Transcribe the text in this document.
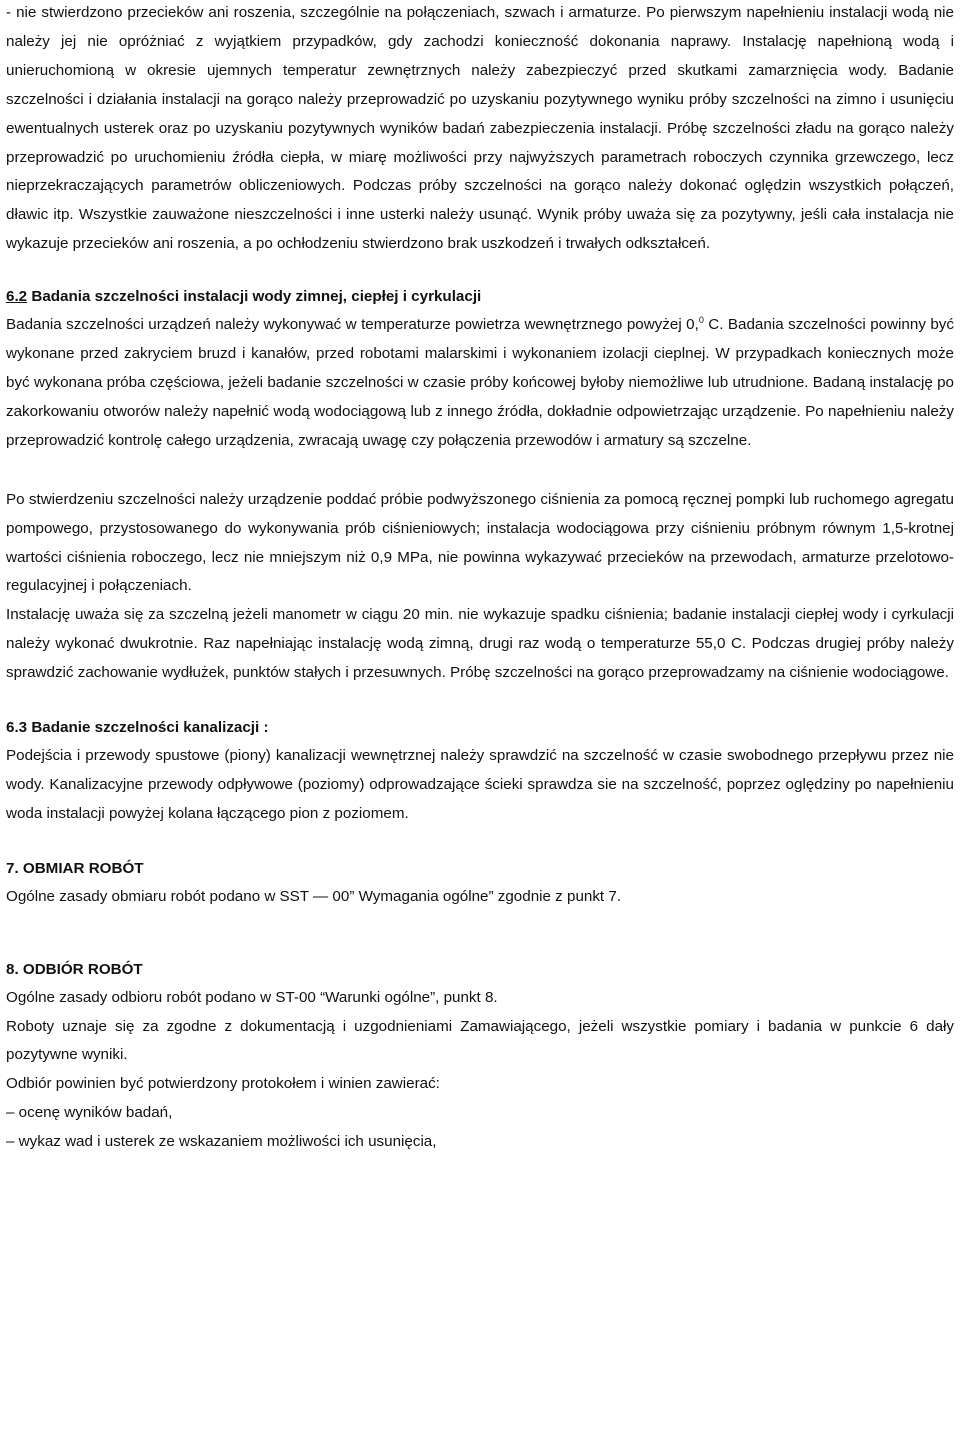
- nie stwierdzono przecieków ani roszenia, szczególnie na połączeniach, szwach i armaturze. Po pierwszym napełnieniu instalacji wodą nie należy jej nie opróżniać z wyjątkiem przypadków, gdy zachodzi konieczność dokonania naprawy. Instalację napełnioną wodą i unieruchomioną w okresie ujemnych temperatur zewnętrznych należy zabezpieczyć przed skutkami zamarznięcia wody. Badanie szczelności i działania instalacji na gorąco należy przeprowadzić po uzyskaniu pozytywnego wyniku próby szczelności na zimno i usunięciu ewentualnych usterek oraz po uzyskaniu pozytywnych wyników badań zabezpieczenia instalacji. Próbę szczelności zładu na gorąco należy przeprowadzić po uruchomieniu źródła ciepła, w miarę możliwości przy najwyższych parametrach roboczych czynnika grzewczego, lecz nieprzekraczających parametrów obliczeniowych. Podczas próby szczelności na gorąco należy dokonać oględzin wszystkich połączeń, dławic itp. Wszystkie zauważone nieszczelności i inne usterki należy usunąć. Wynik próby uważa się za pozytywny, jeśli cała instalacja nie wykazuje przecieków ani roszenia, a po ochłodzeniu stwierdzono brak uszkodzeń i trwałych odkształceń.

6.2 Badania szczelności instalacji wody zimnej, ciepłej i cyrkulacji

Badania szczelności urządzeń należy wykonywać w temperaturze powietrza wewnętrznego powyżej 0,$^0$ C. Badania szczelności powinny być wykonane przed zakryciem bruzd i kanałów, przed robotami malarskimi i wykonaniem izolacji cieplnej. W przypadkach koniecznych może być wykonana próba częściowa, jeżeli badanie szczelności w czasie próby końcowej byłoby niemożliwe lub utrudnione. Badaną instalację po zakorkowaniu otworów należy napełnić wodą wodociągową lub z innego źródła, dokładnie odpowietrzając urządzenie. Po napełnieniu należy przeprowadzić kontrolę całego urządzenia, zwracają uwagę czy połączenia przewodów i armatury są szczelne.

Po stwierdzeniu szczelności należy urządzenie poddać próbie podwyższonego ciśnienia za pomocą ręcznej pompki lub ruchomego agregatu pompowego, przystosowanego do wykonywania prób ciśnieniowych; instalacja wodociągowa przy ciśnieniu próbnym równym 1,5-krotnej wartości ciśnienia roboczego, lecz nie mniejszym niż 0,9 MPa, nie powinna wykazywać przecieków na przewodach, armaturze przelotowo-regulacyjnej i połączeniach.

Instalację uważa się za szczelną jeżeli manometr w ciągu 20 min. nie wykazuje spadku ciśnienia; badanie instalacji ciepłej wody i cyrkulacji należy wykonać dwukrotnie. Raz napełniając instalację wodą zimną, drugi raz wodą o temperaturze 55,0 C. Podczas drugiej próby należy sprawdzić zachowanie wydłużek, punktów stałych i przesuwnych. Próbę szczelności na gorąco przeprowadzamy na ciśnienie wodociągowe.

6.3 Badanie szczelności kanalizacji :

Podejścia i przewody spustowe (piony) kanalizacji wewnętrznej należy sprawdzić na szczelność w czasie swobodnego przepływu przez nie wody. Kanalizacyjne przewody odpływowe (poziomy) odprowadzające ścieki sprawdza sie na szczelność, poprzez oględziny po napełnieniu woda instalacji powyżej kolana łączącego pion z poziomem.

7. OBMIAR ROBÓT

Ogólne zasady obmiaru robót podano w SST — 00” Wymagania ogólne” zgodnie z punkt 7.

8. ODBIÓR ROBÓT

Ogólne zasady odbioru robót podano w ST-00 “Warunki ogólne”, punkt 8.

Roboty uznaje się za zgodne z dokumentacją i uzgodnieniami Zamawiającego, jeżeli wszystkie pomiary i badania w punkcie 6 dały pozytywne wyniki.

Odbiór powinien być potwierdzony protokołem i winien zawierać:

– ocenę wyników badań,

– wykaz wad i usterek ze wskazaniem możliwości ich usunięcia,
